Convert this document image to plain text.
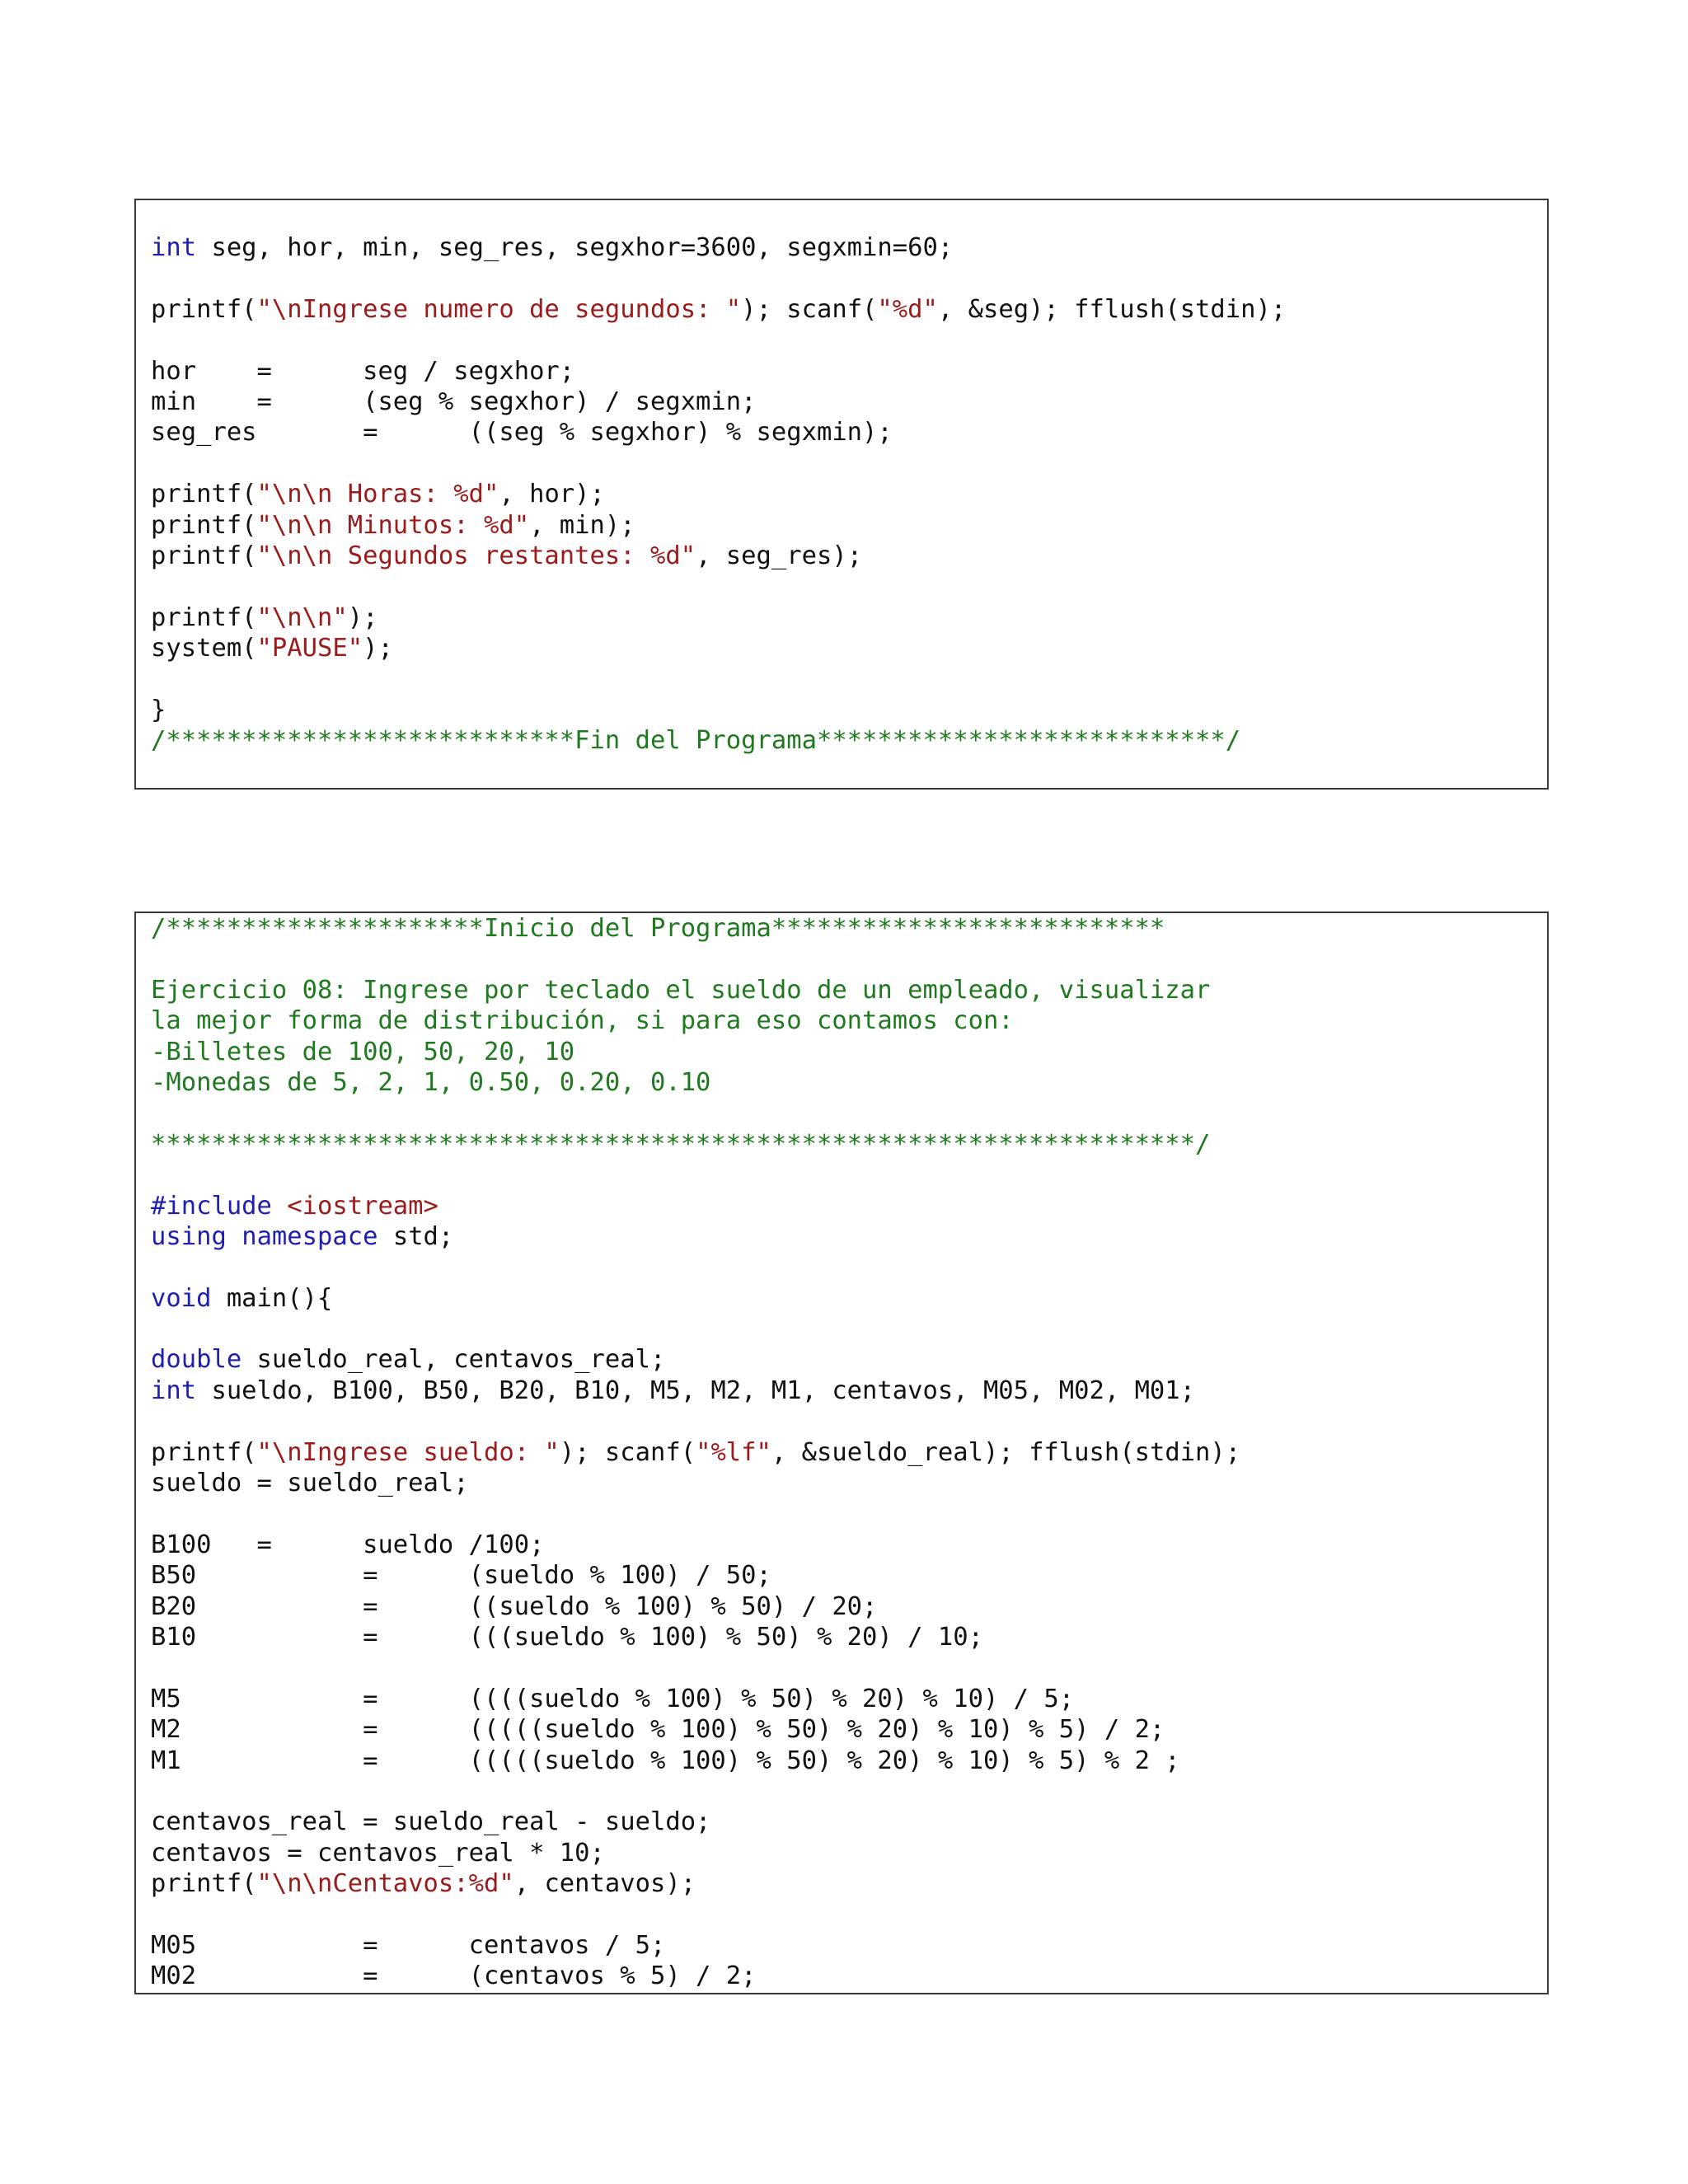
int seg, hor, min, seg_res, segxhor=3600, segxmin=60;

printf("\nIngrese numero de segundos: "); scanf("%d", &seg); fflush(stdin);

hor    =      seg / segxhor;
min    =      (seg % segxhor) / segxmin;
seg_res       =      ((seg % segxhor) % segxmin);

printf("\n\n Horas: %d", hor);
printf("\n\n Minutos: %d", min);
printf("\n\n Segundos restantes: %d", seg_res);

printf("\n\n");
system("PAUSE");

}
/***************************Fin del Programa***************************/
/*********************Inicio del Programa**************************

Ejercicio 08: Ingrese por teclado el sueldo de un empleado, visualizar
la mejor forma de distribución, si para eso contamos con:
-Billetes de 100, 50, 20, 10
-Monedas de 5, 2, 1, 0.50, 0.20, 0.10

*********************************************************************/

#include <iostream>
using namespace std;

void main(){

double sueldo_real, centavos_real;
int sueldo, B100, B50, B20, B10, M5, M2, M1, centavos, M05, M02, M01;

printf("\nIngrese sueldo: "); scanf("%lf", &sueldo_real); fflush(stdin);
sueldo = sueldo_real;

B100   =      sueldo /100;
B50           =      (sueldo % 100) / 50;
B20           =      ((sueldo % 100) % 50) / 20;
B10           =      (((sueldo % 100) % 50) % 20) / 10;

M5            =      ((((sueldo % 100) % 50) % 20) % 10) / 5;
M2            =      (((((sueldo % 100) % 50) % 20) % 10) % 5) / 2;
M1            =      (((((sueldo % 100) % 50) % 20) % 10) % 5) % 2 ;

centavos_real = sueldo_real - sueldo;
centavos = centavos_real * 10;
printf("\n\nCentavos:%d", centavos);

M05           =      centavos / 5;
M02           =      (centavos % 5) / 2;
